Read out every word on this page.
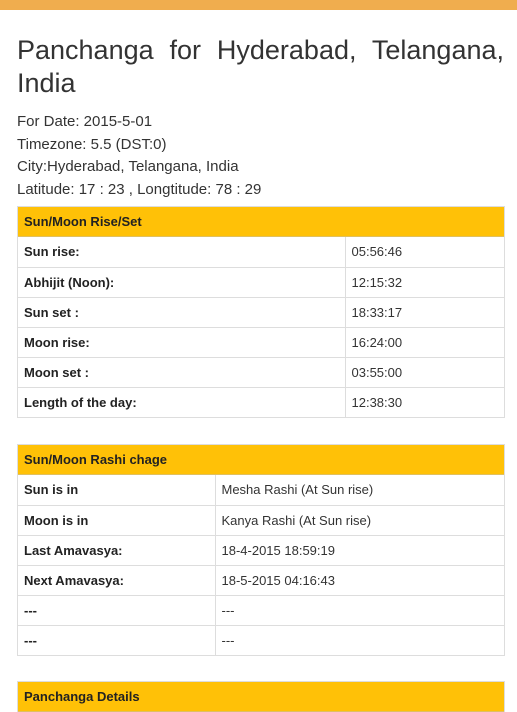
Panchanga for Hyderabad, Telangana, India
For Date: 2015-5-01
Timezone: 5.5 (DST:0)
City:Hyderabad, Telangana, India
Latitude: 17 : 23 , Longtitude: 78 : 29
Sun/Moon Rise/Set
Sun rise:	05:56:46
Abhijit (Noon):	12:15:32
Sun set :	18:33:17
Moon rise:	16:24:00
Moon set :	03:55:00
Length of the day:	12:38:30
Sun/Moon Rashi chage
Sun is in	Mesha Rashi (At Sun rise)
Moon is in	Kanya Rashi (At Sun rise)
Last Amavasya:	18-4-2015 18:59:19
Next Amavasya:	18-5-2015 04:16:43
---	---
---	---
Panchanga Details
